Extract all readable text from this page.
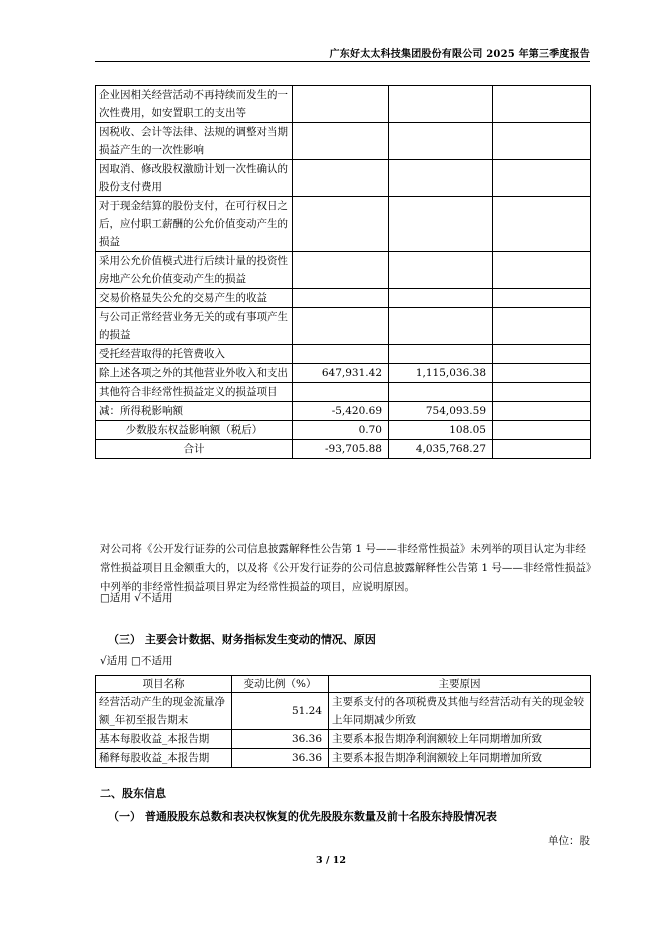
广东好太太科技集团股份有限公司 2025 年第三季度报告
企业因相关经营活动不再持续而发生的一次性费用，如安置职工的支出等			
因税收、会计等法律、法规的调整对当期损益产生的一次性影响			
因取消、修改股权激励计划一次性确认的股份支付费用			
对于现金结算的股份支付，在可行权日之后，应付职工薪酬的公允价值变动产生的损益			
采用公允价值模式进行后续计量的投资性房地产公允价值变动产生的损益			
交易价格显失公允的交易产生的收益			
与公司正常经营业务无关的或有事项产生的损益			
受托经营取得的托管费收入			
除上述各项之外的其他营业外收入和支出	647,931.42	1,115,036.38	
其他符合非经常性损益定义的损益项目			
减：所得税影响额	-5,420.69	754,093.59	
少数股东权益影响额（税后）	0.70	108.05	
合计	-93,705.88	4,035,768.27	
对公司将《公开发行证券的公司信息披露解释性公告第 1 号——非经常性损益》未列举的项目认定为非经常性损益项目且金额重大的，以及将《公开发行证券的公司信息披露解释性公告第 1 号——非经常性损益》中列举的非经常性损益项目界定为经常性损益的项目，应说明原因。
□适用 √不适用
（三） 主要会计数据、财务指标发生变动的情况、原因
√适用 □不适用
项目名称	变动比例（%）	主要原因
经营活动产生的现金流量净额_年初至报告期末	51.24	主要系支付的各项税费及其他与经营活动有关的现金较上年同期减少所致
基本每股收益_本报告期	36.36	主要系本报告期净利润额较上年同期增加所致
稀释每股收益_本报告期	36.36	主要系本报告期净利润额较上年同期增加所致
二、股东信息
（一） 普通股股东总数和表决权恢复的优先股股东数量及前十名股东持股情况表
单位：股
3 / 12
